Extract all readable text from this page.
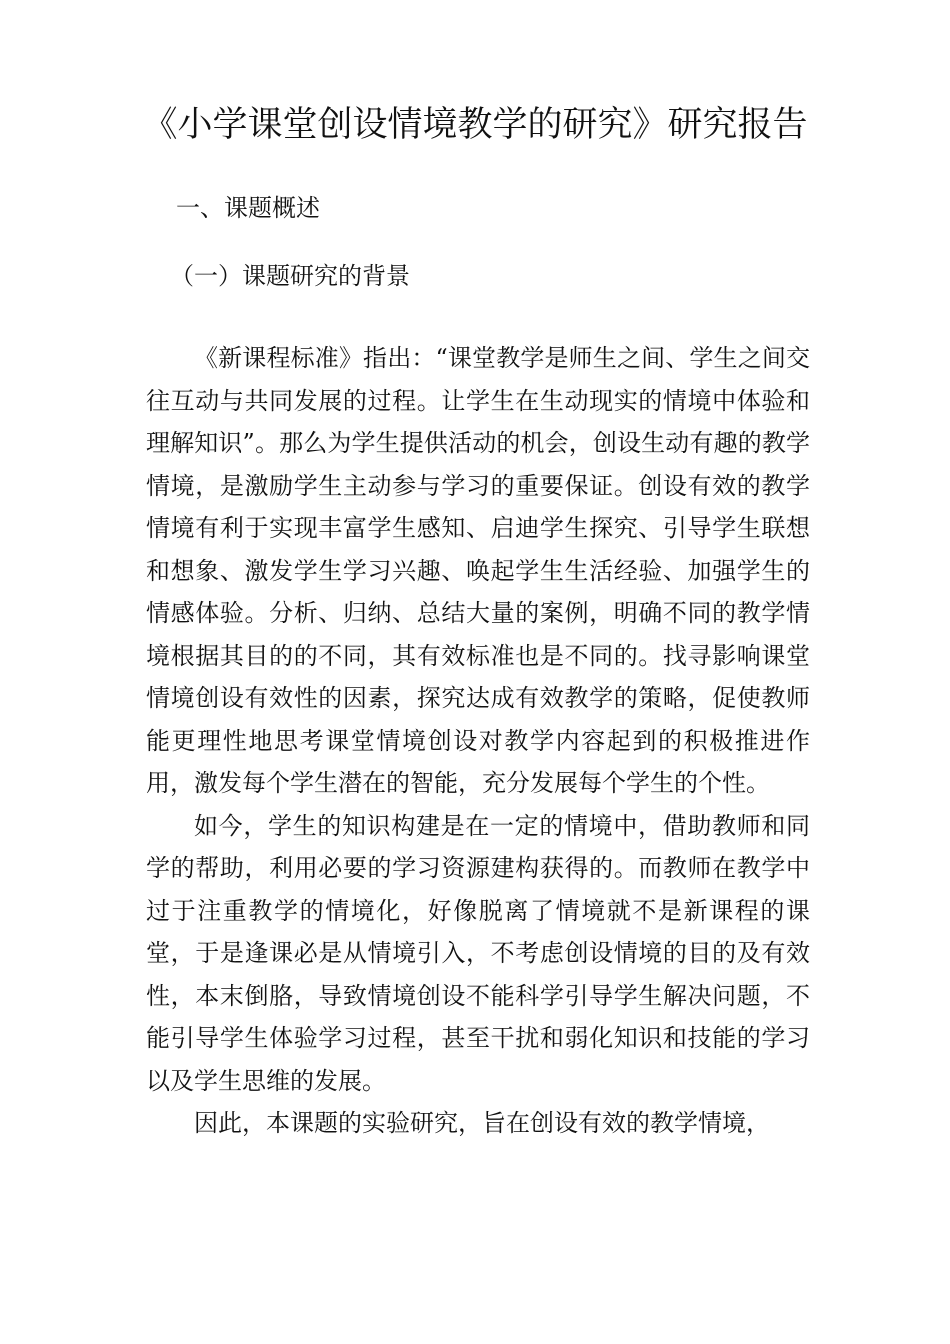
《小学课堂创设情境教学的研究》研究报告
一、课题概述
（一）课题研究的背景

《新课程标准》指出：“课堂教学是师生之间、学生之间交往互动与共同发展的过程。让学生在生动现实的情境中体验和理解知识”。那么为学生提供活动的机会，创设生动有趣的教学情境，是激励学生主动参与学习的重要保证。创设有效的教学情境有利于实现丰富学生感知、启迪学生探究、引导学生联想和想象、激发学生学习兴趣、唤起学生生活经验、加强学生的情感体验。分析、归纳、总结大量的案例，明确不同的教学情境根据其目的的不同，其有效标准也是不同的。找寻影响课堂情境创设有效性的因素，探究达成有效教学的策略，促使教师能更理性地思考课堂情境创设对教学内容起到的积极推进作用，激发每个学生潜在的智能，充分发展每个学生的个性。

如今，学生的知识构建是在一定的情境中，借助教师和同学的帮助，利用必要的学习资源建构获得的。而教师在教学中过于注重教学的情境化，好像脱离了情境就不是新课程的课堂，于是逢课必是从情境引入，不考虑创设情境的目的及有效性，本末倒胳，导致情境创设不能科学引导学生解决问题，不能引导学生体验学习过程，甚至干扰和弱化知识和技能的学习以及学生思维的发展。

因此，本课题的实验研究，旨在创设有效的教学情境，
